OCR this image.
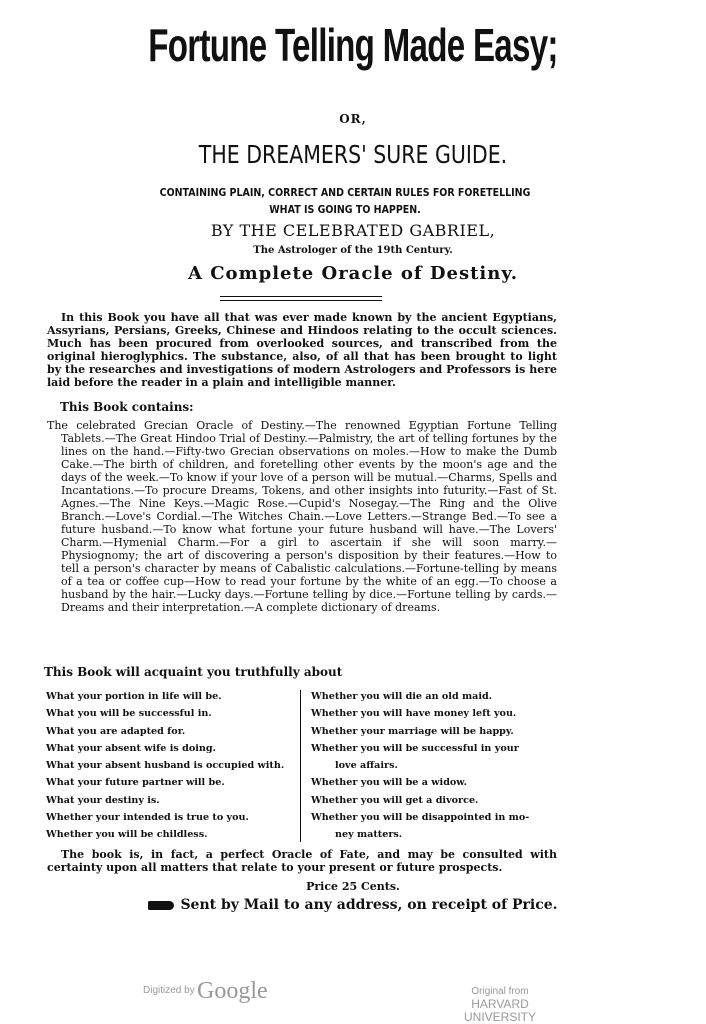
Fortune Telling Made Easy;
OR,
THE DREAMERS' SURE GUIDE.
CONTAINING PLAIN, CORRECT AND CERTAIN RULES FOR FORETELLING WHAT IS GOING TO HAPPEN.
BY THE CELEBRATED GABRIEL,
The Astrologer of the 19th Century.
A Complete Oracle of Destiny.
In this Book you have all that was ever made known by the ancient Egyptians, Assyrians, Persians, Greeks, Chinese and Hindoos relating to the occult sciences. Much has been procured from overlooked sources, and transcribed from the original hieroglyphics. The substance, also, of all that has been brought to light by the researches and investigations of modern Astrologers and Professors is here laid before the reader in a plain and intelligible manner.
This Book contains:
The celebrated Grecian Oracle of Destiny.—The renowned Egyptian Fortune Telling Tablets.—The Great Hindoo Trial of Destiny.—Palmistry, the art of telling fortunes by the lines on the hand.—Fifty-two Grecian observations on moles.—How to make the Dumb Cake.—The birth of children, and foretelling other events by the moon's age and the days of the week.—To know if your love of a person will be mutual.—Charms, Spells and Incantations.—To procure Dreams, Tokens, and other insights into futurity.—Fast of St. Agnes.—The Nine Keys.—Magic Rose.—Cupid's Nosegay.—The Ring and the Olive Branch.—Love's Cordial.—The Witches Chain.—Love Letters.—Strange Bed.—To see a future husband.—To know what fortune your future husband will have.—The Lovers' Charm.—Hymenial Charm.—For a girl to ascertain if she will soon marry.—Physiognomy; the art of discovering a person's disposition by their features.—How to tell a person's character by means of Cabalistic calculations.—Fortune-telling by means of a tea or coffee cup—How to read your fortune by the white of an egg.—To choose a husband by the hair.—Lucky days.—Fortune telling by dice.—Fortune telling by cards.—Dreams and their interpretation.—A complete dictionary of dreams.
This Book will acquaint you truthfully about
What your portion in life will be.
What you will be successful in.
What you are adapted for.
What your absent wife is doing.
What your absent husband is occupied with.
What your future partner will be.
What your destiny is.
Whether your intended is true to you.
Whether you will be childless.
Whether you will die an old maid.
Whether you will have money left you.
Whether your marriage will be happy.
Whether you will be successful in your
love affairs.
Whether you will be a widow.
Whether you will get a divorce.
Whether you will be disappointed in mo-
ney matters.
The book is, in fact, a perfect Oracle of Fate, and may be consulted with certainty upon all matters that relate to your present or future prospects.
Price 25 Cents.
Sent by Mail to any address, on receipt of Price.
Digitized by Google	Original from
HARVARD UNIVERSITY
